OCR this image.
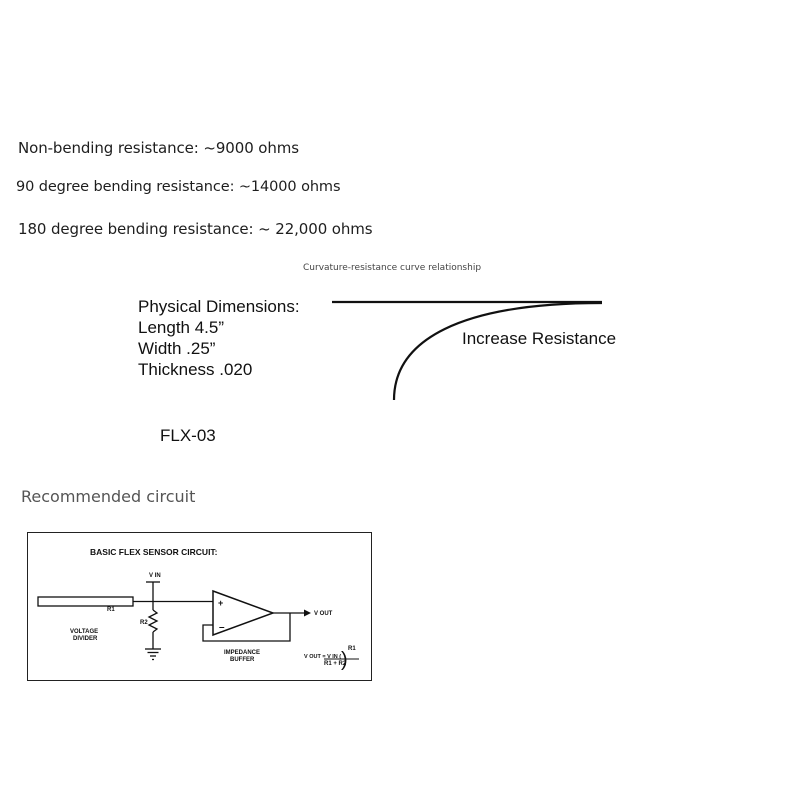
Non-bending resistance: ~9000 ohms
90 degree bending resistance: ~14000 ohms
180 degree bending resistance: ~ 22,000 ohms
Curvature-resistance curve relationship
Physical Dimensions:
Length 4.5”
Width .25”
Thickness .020
Increase Resistance
FLX-03
Recommended circuit
+
–
)
BASIC FLEX SENSOR CIRCUIT:
V IN
R1
R2
VOLTAGE
DIVIDER
V OUT
IMPEDANCE
BUFFER	V OUT = V IN (
R1
R1 + R2
